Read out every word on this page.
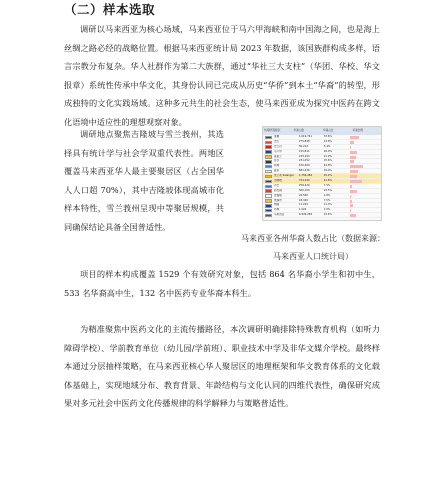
（二）样本选取

调研以马来西亚为核心场域，马来西亚位于马六甲海峡和南中国海之间，也是海上丝绸之路必经的战略位置。根据马来西亚统计局 2023 年数据，该国族群构成多样，语言宗教分布复杂。华人社群作为第二大族群，通过“华社三大支柱”（华团、华校、华文报章）系统性传承中华文化，其身份认同已完成从历史“华侨”到本土“华裔”的转型，形成独特的文化实践场域。这种多元共生的社会生态，使马来西亚成为探究中医药在跨文化语境中适应性的理想观察对象。

调研地点聚焦吉隆坡与雪兰莪州，其选择具有统计学与社会学双重代表性。两地区覆盖马来西亚华人最主要聚居区（占全国华人人口超 70%），其中吉隆坡体现高城市化样本特性，雪兰莪州呈现中等聚居规模，共同确保结论具备全国普适性。

州/联邦直辖区	华裔人数	华裔占比	华裔比例
柔佛	1,019,741	33.6%
吉打	275,838	13.6%
吉兰丹	50,212	3.4%
马六甲	215,811	26.0%
森美兰	239,193	21.9%
彭亨	231,052	15.6%
槟城	670,400	44.8%
霹雳	681,436	29.4%
雪兰莪 Selangor	1,756,482	25.2%
吉隆坡	724,290	41.6%
沙巴	258,420	7.5%
砂拉越	560,150	23.5%
登嘉楼	22,560	1.8%
玻璃市	18,340	7.5%
纳闽	11,225	11.3%
布城	1,024	1.0%
马来西亚	6,945,284	22.6%
马来西亚各州华裔人数占比（数据来源：马来西亚人口统计局）

项目的样本构成覆盖 1529 个有效研究对象，包括 864 名华裔小学生和初中生，533 名华裔高中生，132 名中医药专业华裔本科生。

为精准聚焦中医药文化的主流传播路径，本次调研明确排除特殊教育机构（如听力障碍学校）、学前教育单位（幼儿园/学前班）、职业技术中学及非华文媒介学校。最终样本通过分层抽样策略，在马来西亚核心华人聚居区的地理框架和华文教育体系的文化载体基础上，实现地域分布、教育背景、年龄结构与文化认同的四维代表性，确保研究成果对多元社会中医药文化传播规律的科学解释力与策略普适性。
